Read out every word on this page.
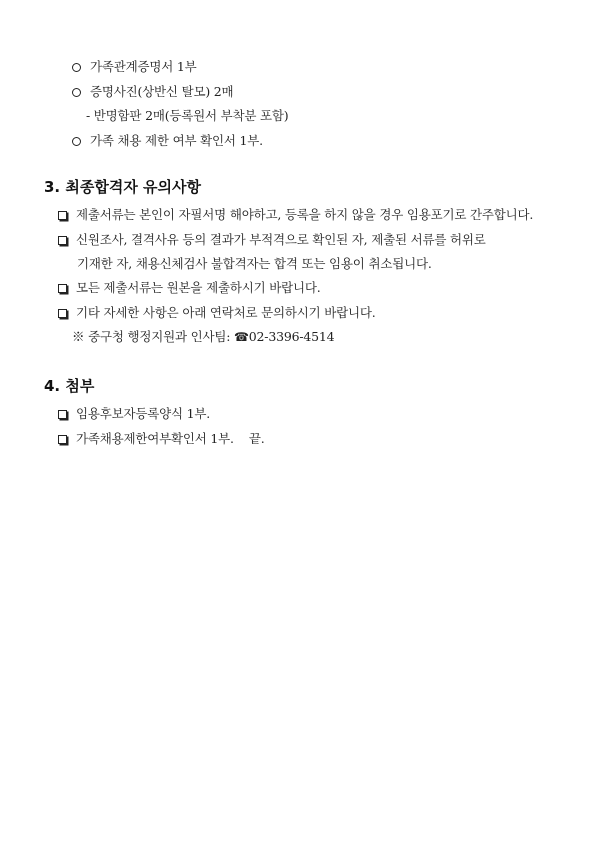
가족관계증명서 1부
증명사진(상반신 탈모) 2매
- 반명함판 2매(등록원서 부착분 포함)
가족 채용 제한 여부 확인서 1부.
3. 최종합격자 유의사항
제출서류는 본인이 자필서명 해야하고, 등록을 하지 않을 경우 임용포기로 간주합니다.
신원조사, 결격사유 등의 결과가 부적격으로 확인된 자, 제출된 서류를 허위로
기재한 자, 채용신체검사 불합격자는 합격 또는 임용이 취소됩니다.
모든 제출서류는 원본을 제출하시기 바랍니다.
기타 자세한 사항은 아래 연락처로 문의하시기 바랍니다.
※ 중구청 행정지원과 인사팀: ☎02-3396-4514
4. 첨부
임용후보자등록양식 1부.
가족채용제한여부확인서 1부.    끝.
